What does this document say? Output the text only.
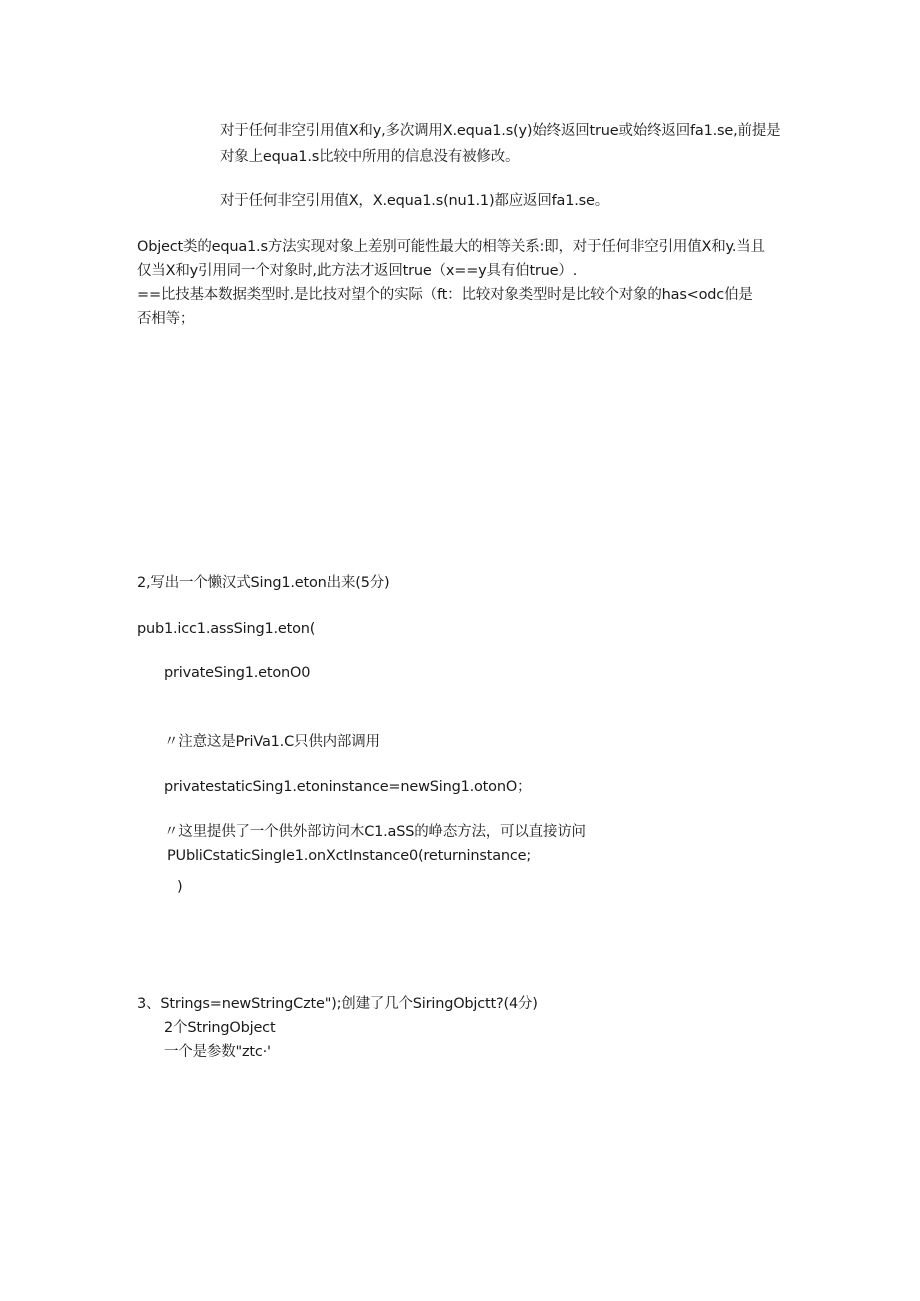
对于任何非空引用值X和y,多次调用X.equa1.s(y)始终返回true或始终返回fa1.se,前提是
对象上equa1.s比较中所用的信息没有被修改。
对于任何非空引用值X，X.equa1.s(nu1.1)都应返回fa1.se。
Object类的equa1.s方法实现对象上差别可能性最大的相等关系:即，对于任何非空引用值X和y.当且
仅当X和y引用同一个对象时,此方法才返回true（x==y具有伯true）.
==比技基本数据类型时.是比技对望个的实际（ft：比较对象类型时是比较个对象的has<odc伯是
否相等；
2,写出一个懒汉式Sing1.eton出来(5分)
pub1.icc1.assSing1.eton(
privateSing1.etonO0
〃注意这是PriVa1.C只供内部调用
privatestaticSing1.etoninstance=newSing1.otonO；
〃这里提供了一个供外部访问木C1.aSS的峥态方法，可以直接访问
PUbliCstaticSingIe1.onXctInstance0(returninstance;
)
3、Strings=newStringCzte");创建了几个SiringObjctt?(4分)
2个StringObject
一个是参数"ztc·'
